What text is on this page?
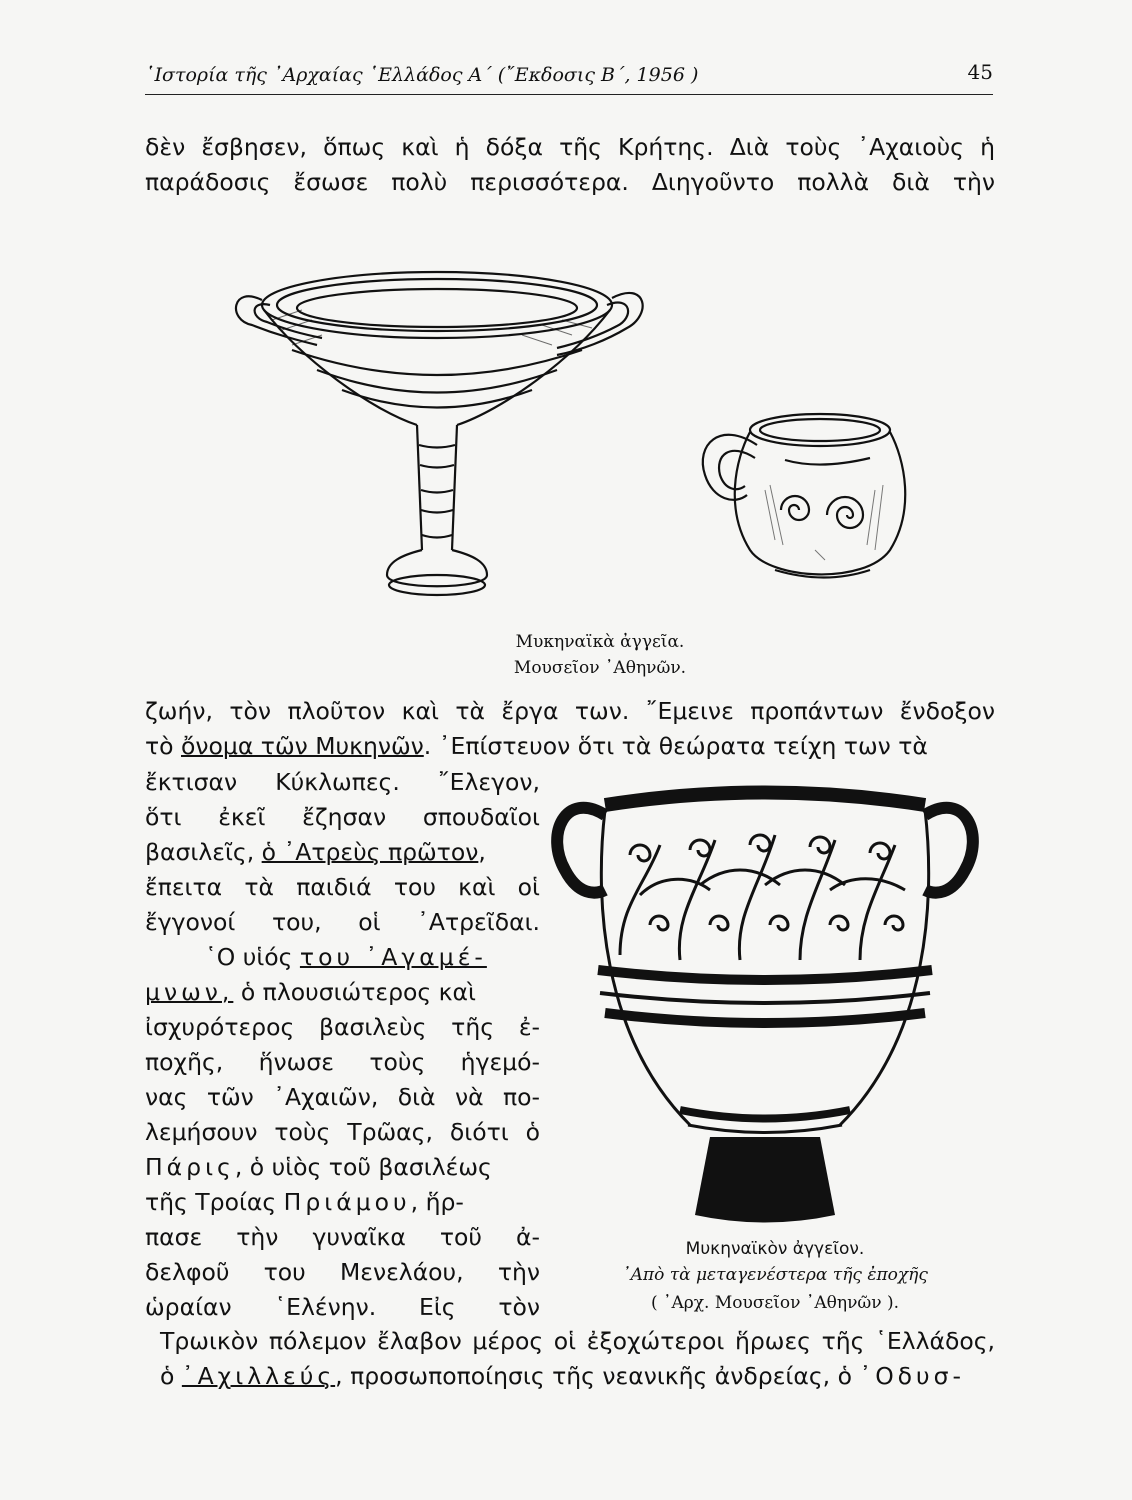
῾Ιστορία τῆς ᾿Αρχαίας ῾Ελλάδος Α΄ (῎Εκδοσις Β΄, 1956 )	45
δὲν ἔσβησεν, ὅπως καὶ ἡ δόξα τῆς Κρήτης. Διὰ τοὺς ᾿Αχαιοὺς ἡ
παράδοσις ἔσωσε πολὺ περισσότερα. Διηγοῦντο πολλὰ διὰ τὴν
Μυκηναϊκὰ ἀγγεῖα.
Μουσεῖον ᾿Αθηνῶν.
ζωήν, τὸν πλοῦτον καὶ τὰ ἔργα των. ῎Εμεινε προπάντων ἔνδοξον
τὸ ὄνομα τῶν Μυκηνῶν. ᾿Επίστευον ὅτι τὰ θεώρατα τείχη των τὰ
ἔκτισαν Κύκλωπες. ῎Ελεγον,
ὅτι ἐκεῖ ἔζησαν σπουδαῖοι
βασιλεῖς, ὁ ᾿Ατρεὺς πρῶτον,
ἔπειτα τὰ παιδιά του καὶ οἱ
ἔγγονοί του, οἱ ᾿Ατρεῖδαι.
῾Ο υἱός του ᾿Αγαμέ-
μνων, ὁ πλουσιώτερος καὶ
ἰσχυρότερος βασιλεὺς τῆς ἐ-
ποχῆς, ἥνωσε τοὺς ἡγεμό-
νας τῶν ᾿Αχαιῶν, διὰ νὰ πο-
λεμήσουν τοὺς Τρῶας, διότι ὁ
Πάρις, ὁ υἱὸς τοῦ βασιλέως
τῆς Τροίας Πριάμου, ἥρ-
πασε τὴν γυναῖκα τοῦ ἀ-
δελφοῦ του Μενελάου, τὴν
ὡραίαν ῾Ελένην. Εἰς τὸν
Μυκηναϊκὸν ἀγγεῖον.
᾿Απὸ τὰ μεταγενέστερα τῆς ἐποχῆς
( ᾿Αρχ. Μουσεῖον ᾿Αθηνῶν ).
Τρωικὸν πόλεμον ἔλαβον μέρος οἱ ἐξοχώτεροι ἥρωες τῆς ῾Ελλάδος,
ὁ ᾿Αχιλλεύς, προσωποποίησις τῆς νεανικῆς ἀνδρείας, ὁ ᾿Οδυσ-
